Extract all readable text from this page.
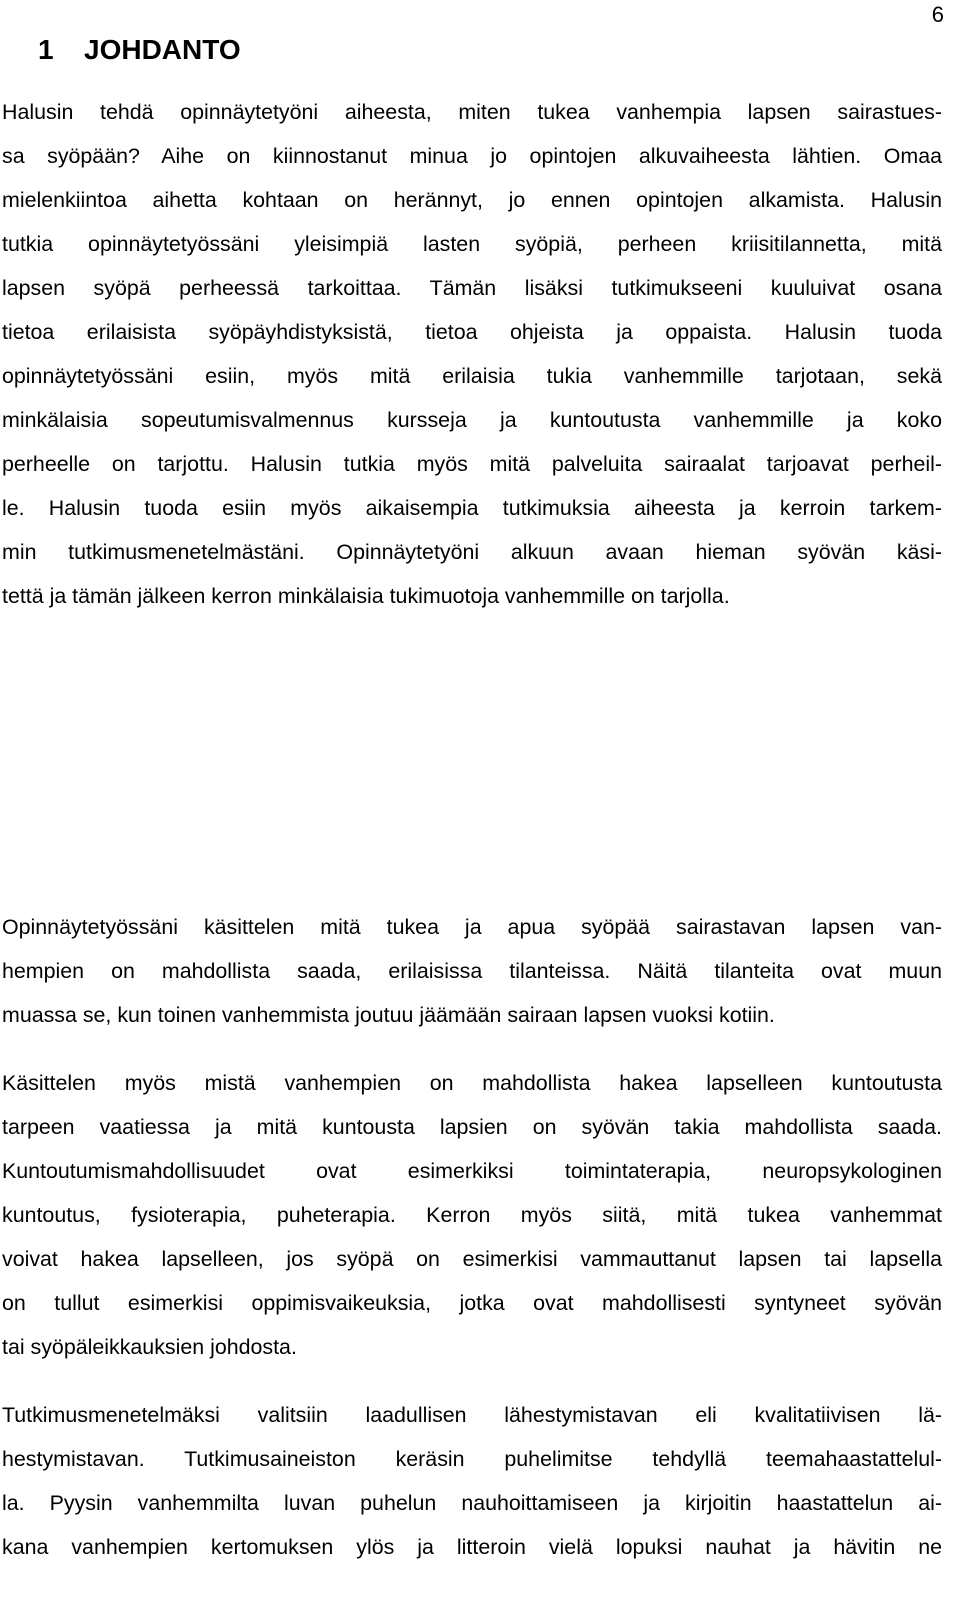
6
1 JOHDANTO
Halusin tehdä opinnäytetyöni aiheesta, miten tukea vanhempia lapsen sairastues-
sa syöpään? Aihe on kiinnostanut minua jo opintojen alkuvaiheesta lähtien. Omaa
mielenkiintoa aihetta kohtaan on herännyt, jo ennen opintojen alkamista. Halusin
tutkia opinnäytetyössäni yleisimpiä lasten syöpiä, perheen kriisitilannetta, mitä
lapsen syöpä perheessä tarkoittaa. Tämän lisäksi tutkimukseeni kuuluivat osana
tietoa erilaisista syöpäyhdistyksistä, tietoa ohjeista ja oppaista. Halusin tuoda
opinnäytetyössäni esiin, myös mitä erilaisia tukia vanhemmille tarjotaan, sekä
minkälaisia sopeutumisvalmennus kursseja ja kuntoutusta vanhemmille ja koko
perheelle on tarjottu. Halusin tutkia myös mitä palveluita sairaalat tarjoavat perheil-
le. Halusin tuoda esiin myös aikaisempia tutkimuksia aiheesta ja kerroin tarkem-
min tutkimusmenetelmästäni. Opinnäytetyöni alkuun avaan hieman syövän käsi-
tettä ja tämän jälkeen kerron minkälaisia tukimuotoja vanhemmille on tarjolla.
Opinnäytetyössäni käsittelen mitä tukea ja apua syöpää sairastavan lapsen van-
hempien on mahdollista saada, erilaisissa tilanteissa. Näitä tilanteita ovat muun
muassa se, kun toinen vanhemmista joutuu jäämään sairaan lapsen vuoksi kotiin.
Käsittelen myös mistä vanhempien on mahdollista hakea lapselleen kuntoutusta
tarpeen vaatiessa ja mitä kuntousta lapsien on syövän takia mahdollista saada.
Kuntoutumismahdollisuudet ovat esimerkiksi toimintaterapia, neuropsykologinen
kuntoutus, fysioterapia, puheterapia. Kerron myös siitä, mitä tukea vanhemmat
voivat hakea lapselleen, jos syöpä on esimerkisi vammauttanut lapsen tai lapsella
on tullut esimerkisi oppimisvaikeuksia, jotka ovat mahdollisesti syntyneet syövän
tai syöpäleikkauksien johdosta.
Tutkimusmenetelmäksi valitsiin laadullisen lähestymistavan eli kvalitatiivisen lä-
hestymistavan. Tutkimusaineiston keräsin puhelimitse tehdyllä teemahaastattelul-
la. Pyysin vanhemmilta luvan puhelun nauhoittamiseen ja kirjoitin haastattelun ai-
kana vanhempien kertomuksen ylös ja litteroin vielä lopuksi nauhat ja hävitin ne
